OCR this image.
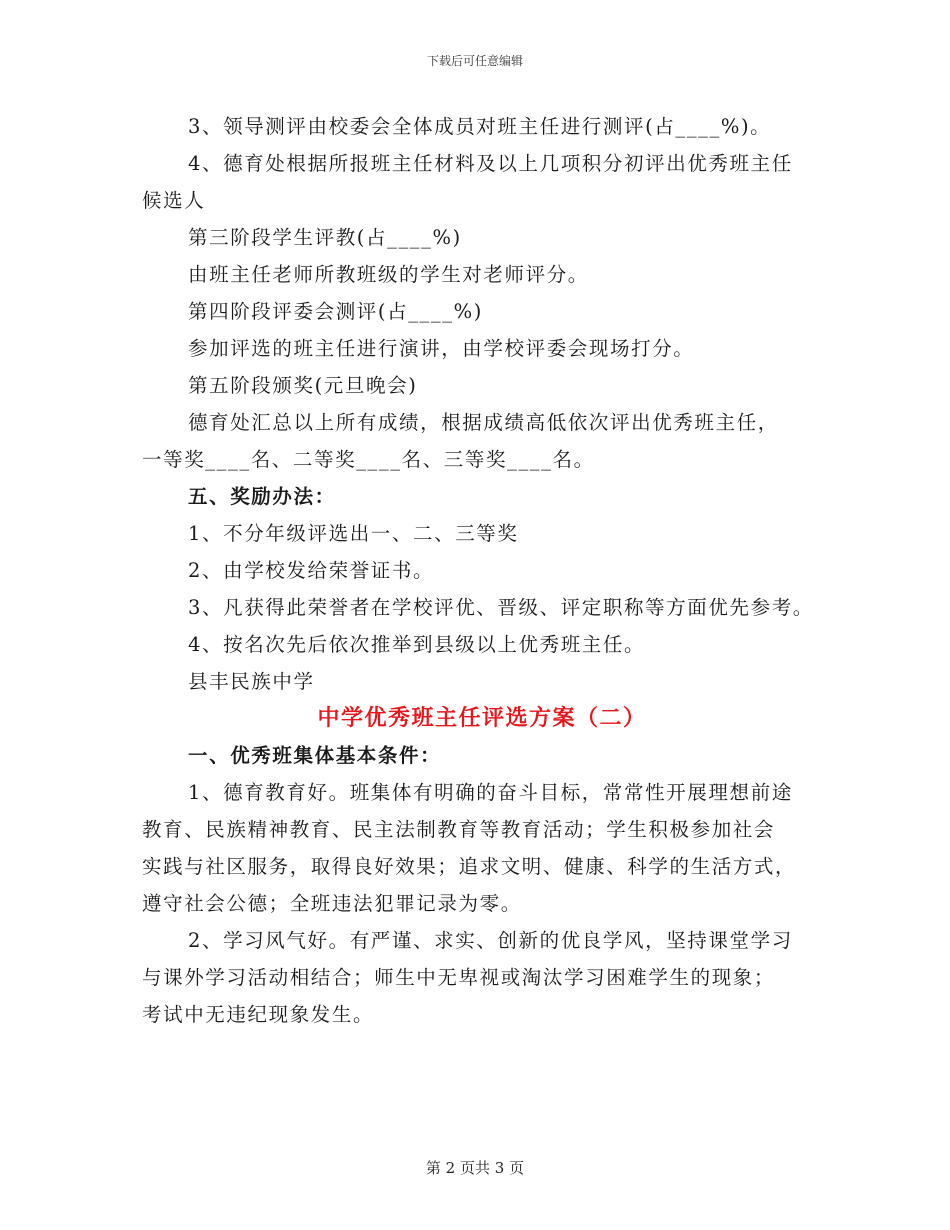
下载后可任意编辑
3、领导测评由校委会全体成员对班主任进行测评(占____%)。
4、德育处根据所报班主任材料及以上几项积分初评出优秀班主任
候选人
第三阶段学生评教(占____%)
由班主任老师所教班级的学生对老师评分。
第四阶段评委会测评(占____%)
参加评选的班主任进行演讲，由学校评委会现场打分。
第五阶段颁奖(元旦晚会)
德育处汇总以上所有成绩，根据成绩高低依次评出优秀班主任，
一等奖____名、二等奖____名、三等奖____名。
五、奖励办法：
1、不分年级评选出一、二、三等奖
2、由学校发给荣誉证书。
3、凡获得此荣誉者在学校评优、晋级、评定职称等方面优先参考。
4、按名次先后依次推举到县级以上优秀班主任。
县丰民族中学
中学优秀班主任评选方案（二）
一、优秀班集体基本条件：
1、德育教育好。班集体有明确的奋斗目标，常常性开展理想前途
教育、民族精神教育、民主法制教育等教育活动；学生积极参加社会
实践与社区服务，取得良好效果；追求文明、健康、科学的生活方式，
遵守社会公德；全班违法犯罪记录为零。
2、学习风气好。有严谨、求实、创新的优良学风，坚持课堂学习
与课外学习活动相结合；师生中无卑视或淘汰学习困难学生的现象；
考试中无违纪现象发生。
第 2 页共 3 页
